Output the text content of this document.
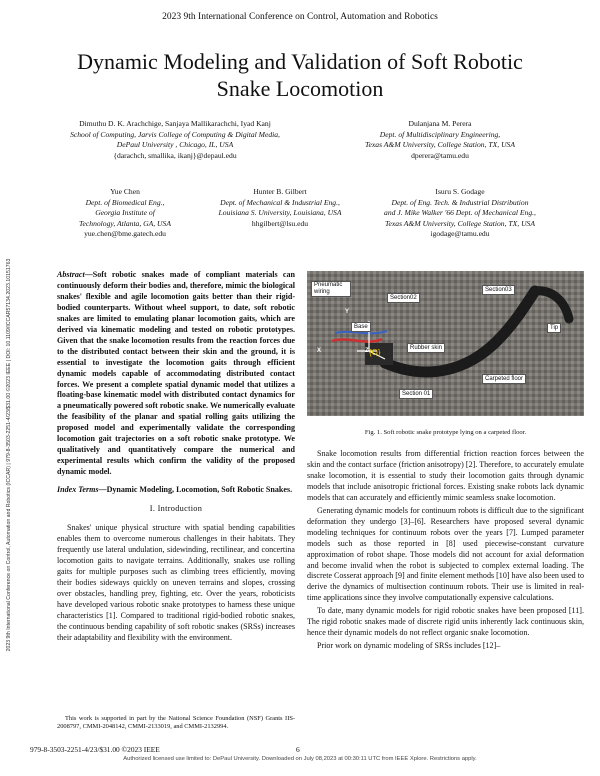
2023 9th International Conference on Control, Automation and Robotics
Dynamic Modeling and Validation of Soft Robotic
Snake Locomotion
Dimuthu D. K. Arachchige, Sanjaya Mallikarachchi, Iyad Kanj
School of Computing, Jarvis College of Computing & Digital Media,
DePaul University , Chicago, IL, USA
{darachch, smallika, ikanj}@depaul.edu
Dulanjana M. Perera
Dept. of Multidisciplinary Engineering,
Texas A&M University, College Station, TX, USA
dperera@tamu.edu
Yue Chen
Dept. of Biomedical Eng.,
Georgia Institute of
Technology, Atlanta, GA, USA
yue.chen@bme.gatech.edu
Hunter B. Gilbert
Dept. of Mechanical & Industrial Eng.,
Louisiana S. University, Louisiana, USA
hhgilbert@lsu.edu
Isuru S. Godage
Dept. of Eng. Tech. & Industrial Distribution
and J. Mike Walker '66 Dept. of Mechanical Eng.,
Texas A&M University, College Station, TX, USA
igodage@tamu.edu
2023 9th International Conference on Control, Automation and Robotics (ICCAR) | 979-8-3503-2251-4/23/$31.00 ©2023 IEEE | DOI: 10.1109/ICCAR57134.2023.10151763	Abstract—Soft robotic snakes made of compliant materials can continuously deform their bodies and, therefore, mimic the biological snakes' flexible and agile locomotion gaits better than their rigid-bodied counterparts. Without wheel support, to date, soft robotic snakes are limited to emulating planar locomotion gaits, which are derived via kinematic modeling and tested on robotic prototypes. Given that the snake locomotion results from the reaction forces due to the distributed contact between their skin and the ground, it is essential to investigate the locomotion gaits through efficient dynamic models capable of accommodating distributed contact forces. We present a complete spatial dynamic model that utilizes a floating-base kinematic model with distributed contact dynamics for a pneumatically powered soft robotic snake. We numerically evaluate the feasibility of the planar and spatial rolling gaits utilizing the proposed model and experimentally validate the corresponding locomotion gait trajectories on a soft robotic snake prototype. We qualitatively and quantitatively compare the numerical and experimental results which confirm the validity of the proposed dynamic model.

Index Terms—Dynamic Modeling, Locomotion, Soft Robotic Snakes.

I. Introduction

Snakes' unique physical structure with spatial bending capabilities enables them to overcome numerous challenges in their habitats. They frequently use lateral undulation, sidewinding, rectilinear, and concertina locomotion gaits to navigate terrains. Additionally, snakes use rolling gaits for multiple purposes such as climbing trees efficiently, moving their bodies sideways quickly on uneven terrains and slopes, crossing over obstacles, handling prey, fighting, etc. Over the years, roboticists have developed various robotic snake prototypes to harness these unique characteristics [1]. Compared to traditional rigid-bodied robotic snakes, the continuous bending capability of soft robotic snakes (SRSs) increases their adaptability and flexibility with the environment.

This work is supported in part by the National Science Foundation (NSF) Grants IIS-2008797, CMMI-2048142, CMMI-2133019, and CMMI-2132994.
{O}
Pneumatic wiring
Section02
Section03
Y
Base	Tip
X	Z	Rubber skin
Carpeted floor
Section 01
Fig. 1. Soft robotic snake prototype lying on a carpeted floor.

Snake locomotion results from differential friction reaction forces between the skin and the contact surface (friction anisotropy) [2]. Therefore, to accurately emulate snake locomotion, it is essential to study their locomotion gaits through dynamic models that include anisotropic frictional forces. Existing snake robots lack dynamic models that can accurately and efficiently mimic seamless snake locomotion.

Generating dynamic models for continuum robots is difficult due to the significant deformation they undergo [3]–[6]. Researchers have proposed several dynamic modeling techniques for continuum robots over the years [7]. Lumped parameter models such as those reported in [8] used piecewise-constant curvature approximation of robot shape. Those models did not account for axial deformation and become invalid when the robot is subjected to complex external loading. The discrete Cosserat approach [9] and finite element methods [10] have also been used to derive the dynamics of multisection continuum robots. Their use is limited in real-time applications since they involve computationally expensive calculations.

To date, many dynamic models for rigid robotic snakes have been proposed [11]. The rigid robotic snakes made of discrete rigid units inherently lack continuous skin, hence their dynamic models do not reflect organic snake locomotion.

Prior work on dynamic modeling of SRSs includes [12]–

979-8-3503-2251-4/23/$31.00 ©2023 IEEE	6
Authorized licensed use limited to: DePaul University. Downloaded on July 08,2023 at 00:30:11 UTC from IEEE Xplore. Restrictions apply.
